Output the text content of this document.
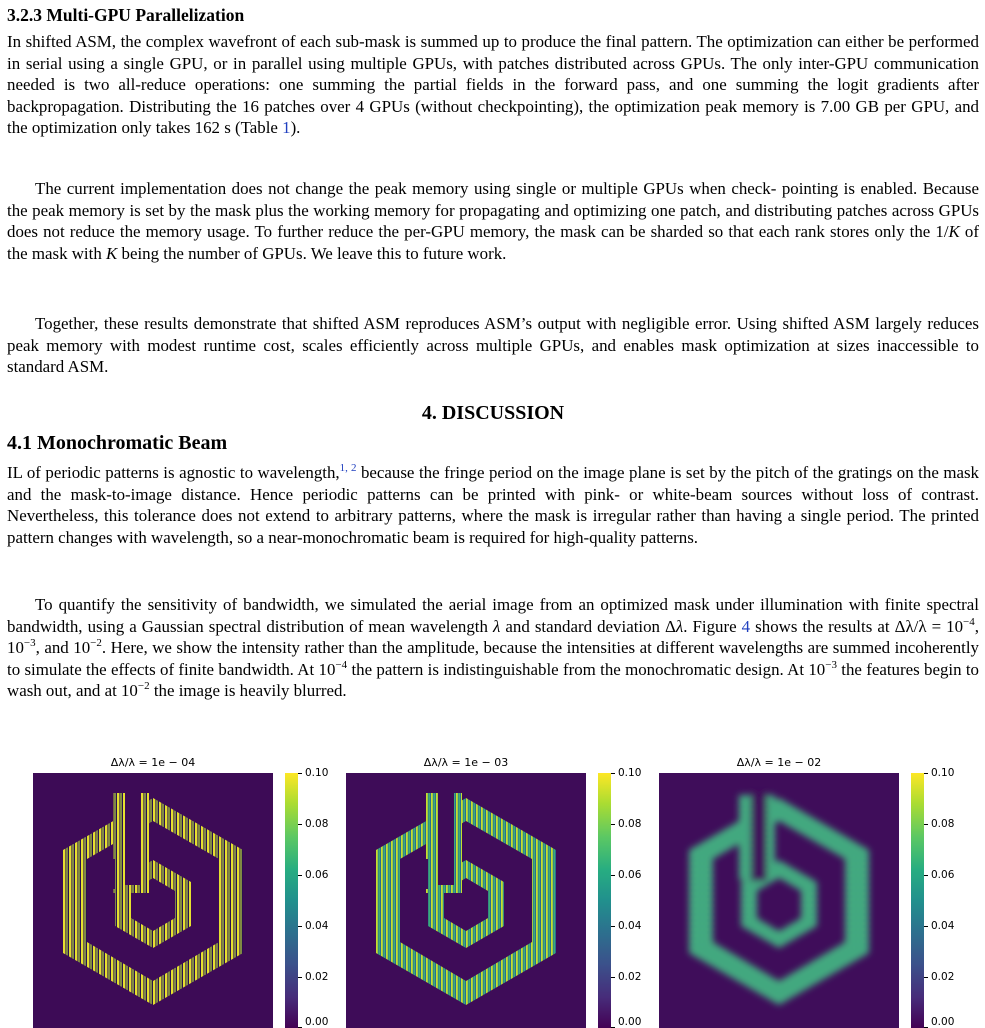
3.2.3 Multi-GPU Parallelization

In shifted ASM, the complex wavefront of each sub-mask is summed up to produce the final pattern. The optimization can either be performed in serial using a single GPU, or in parallel using multiple GPUs, with patches distributed across GPUs. The only inter-GPU communication needed is two all-reduce operations: one summing the partial fields in the forward pass, and one summing the logit gradients after backpropagation. Distributing the 16 patches over 4 GPUs (without checkpointing), the optimization peak memory is 7.00 GB per GPU, and the optimization only takes 162 s (Table 1).

The current implementation does not change the peak memory using single or multiple GPUs when check- pointing is enabled. Because the peak memory is set by the mask plus the working memory for propagating and optimizing one patch, and distributing patches across GPUs does not reduce the memory usage. To further reduce the per-GPU memory, the mask can be sharded so that each rank stores only the 1/K of the mask with K being the number of GPUs. We leave this to future work.

Together, these results demonstrate that shifted ASM reproduces ASM’s output with negligible error. Using shifted ASM largely reduces peak memory with modest runtime cost, scales efficiently across multiple GPUs, and enables mask optimization at sizes inaccessible to standard ASM.

4. DISCUSSION
4.1 Monochromatic Beam

IL of periodic patterns is agnostic to wavelength,$^{1, 2}$ because the fringe period on the image plane is set by the pitch of the gratings on the mask and the mask-to-image distance. Hence periodic patterns can be printed with pink- or white-beam sources without loss of contrast. Nevertheless, this tolerance does not extend to arbitrary patterns, where the mask is irregular rather than having a single period. The printed pattern changes with wavelength, so a near-monochromatic beam is required for high-quality patterns.

To quantify the sensitivity of bandwidth, we simulated the aerial image from an optimized mask under illumination with finite spectral bandwidth, using a Gaussian spectral distribution of mean wavelength λ and standard deviation Δλ. Figure 4 shows the results at $\Delta\lambda/\lambda = 10^{-4}$, $10^{-3}$, and $10^{-2}$. Here, we show the intensity rather than the amplitude, because the intensities at different wavelengths are summed incoherently to simulate the effects of finite bandwidth. At $10^{-4}$ the pattern is indistinguishable from the monochromatic design. At $10^{-3}$ the features begin to wash out, and at $10^{-2}$ the image is heavily blurred.

Δλ/λ = 1e − 04
0.10
0.08
0.06
0.04
0.02
0.00
Δλ/λ = 1e − 03
0.10
0.08
0.06
0.04
0.02
0.00
Δλ/λ = 1e − 02
0.10
0.08
0.06
0.04
0.02
0.00
